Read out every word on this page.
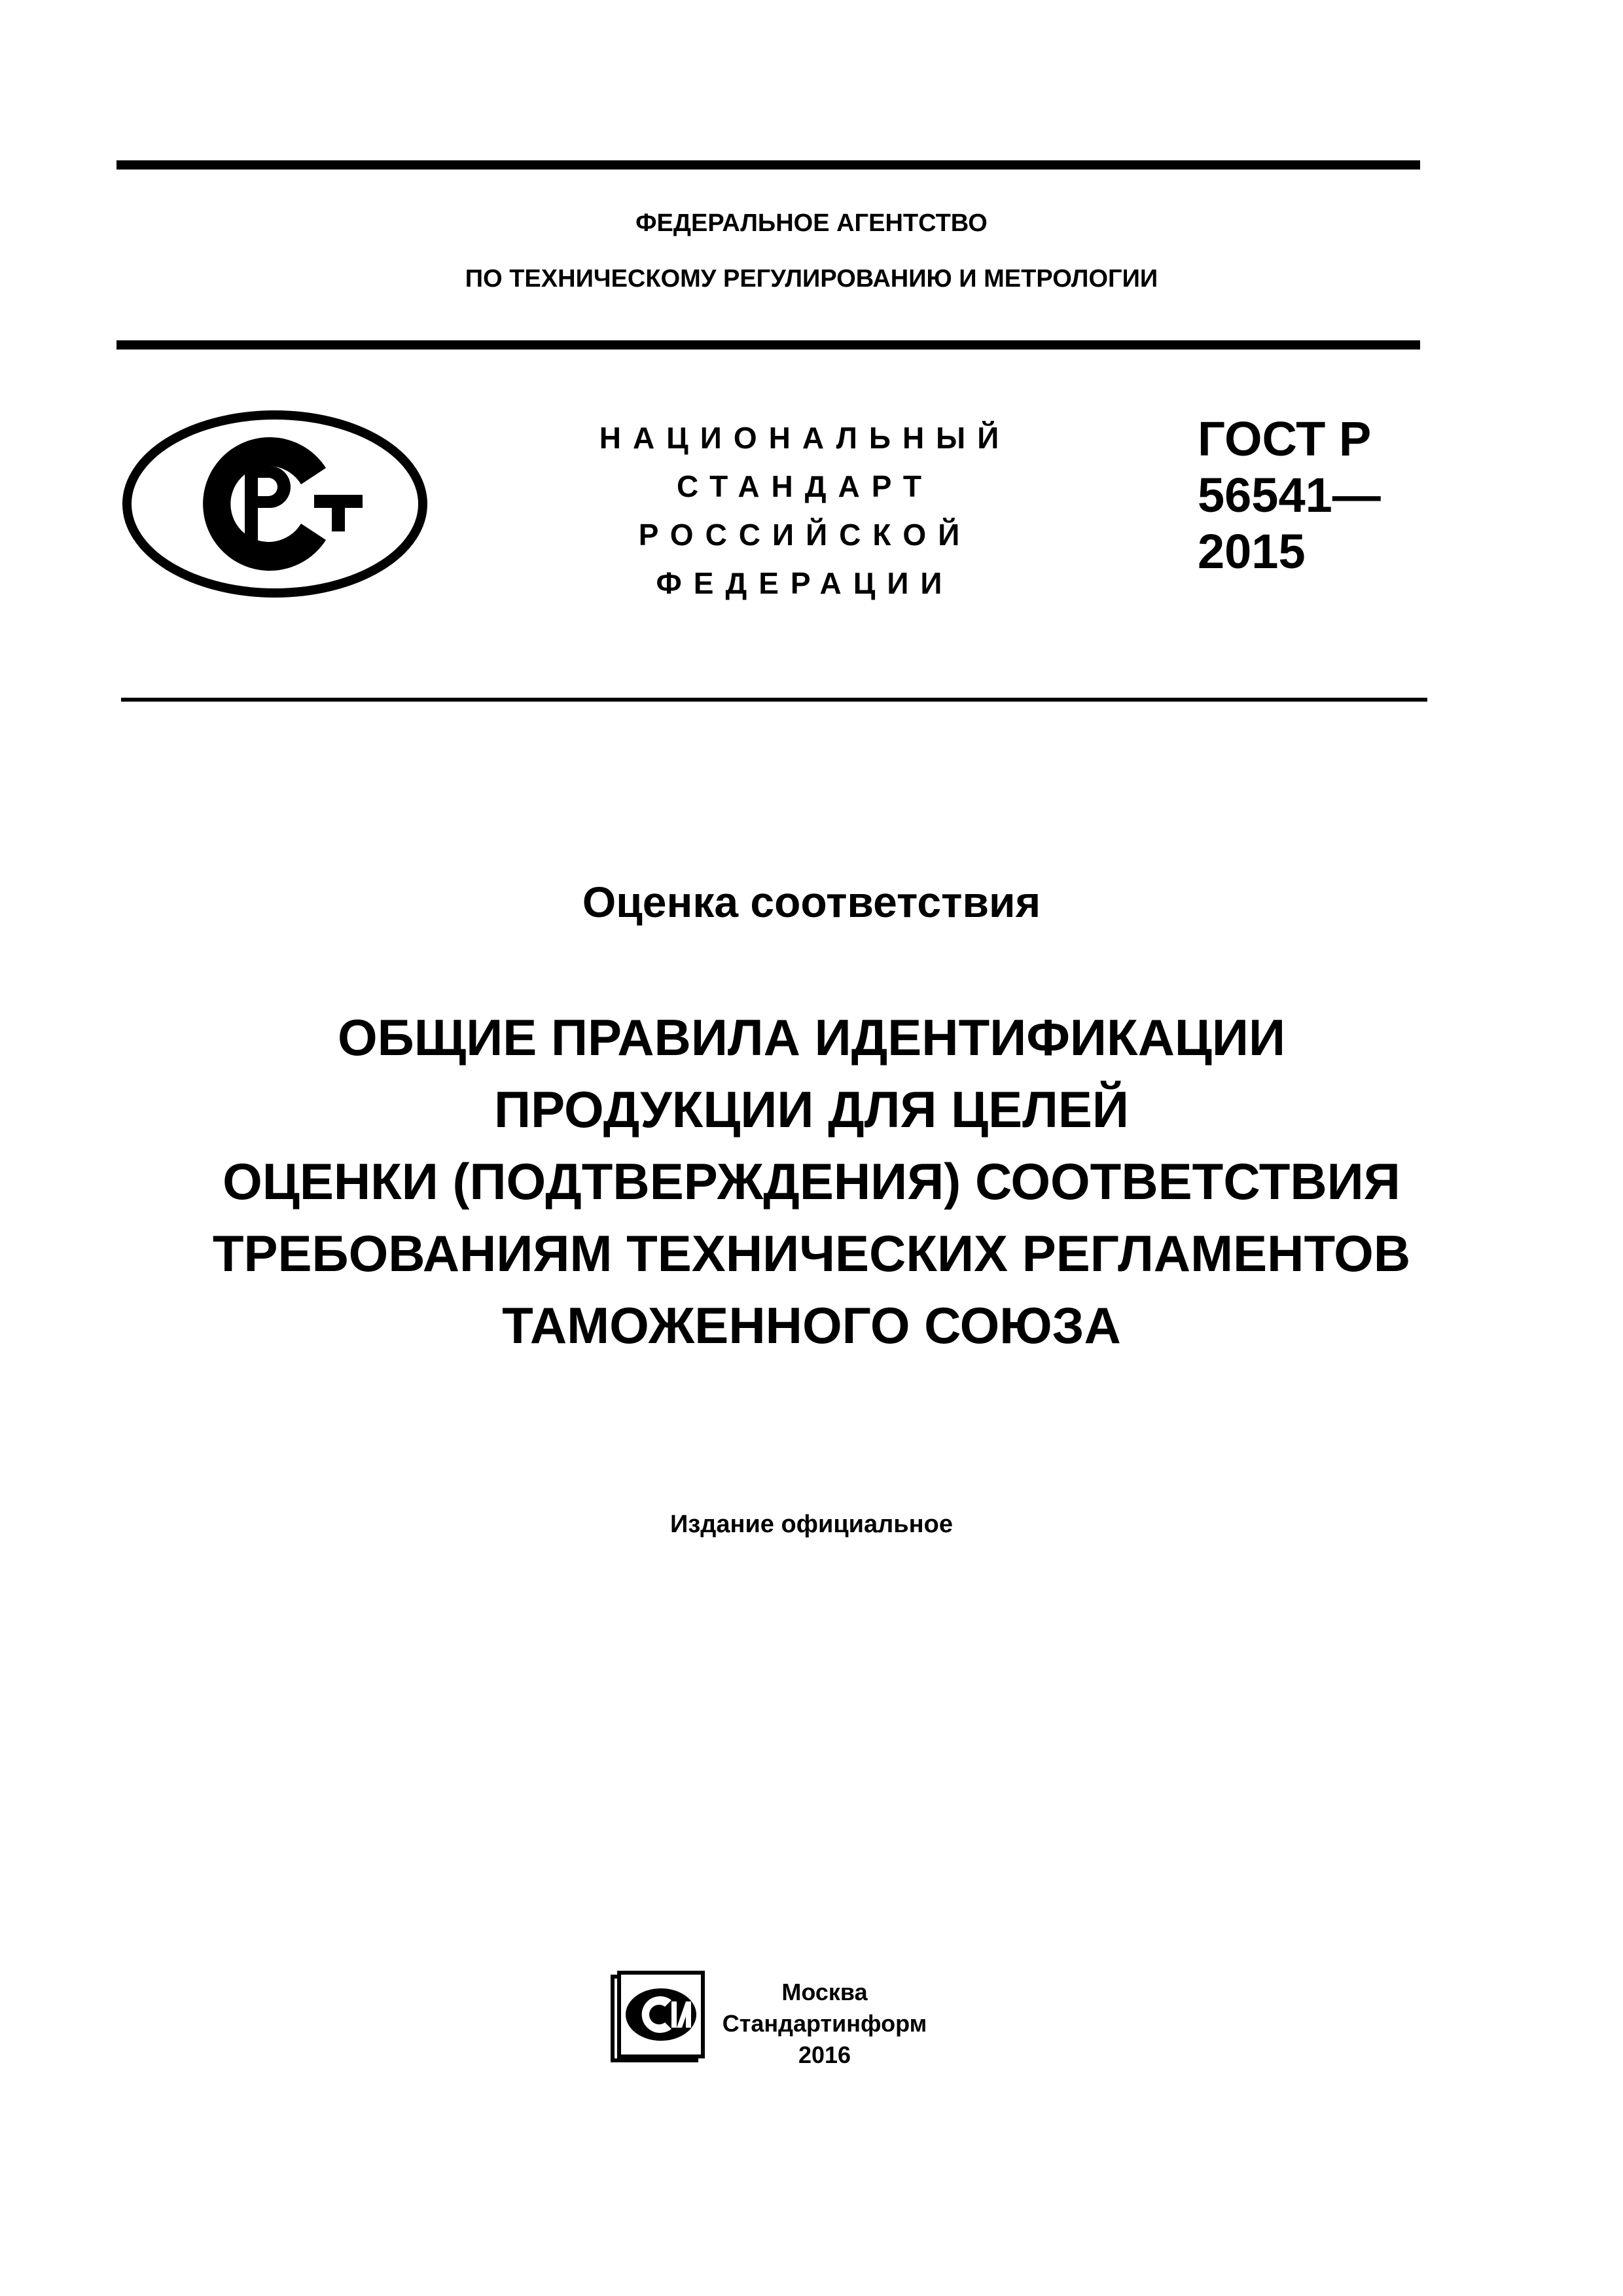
ФЕДЕРАЛЬНОЕ АГЕНТСТВО
ПО ТЕХНИЧЕСКОМУ РЕГУЛИРОВАНИЮ И МЕТРОЛОГИИ
НАЦИОНАЛЬНЫЙ
СТАНДАРТ
РОССИЙСКОЙ
ФЕДЕРАЦИИ
ГОСТ Р
56541—
2015
Оценка соответствия
ОБЩИЕ ПРАВИЛА ИДЕНТИФИКАЦИИ
ПРОДУКЦИИ ДЛЯ ЦЕЛЕЙ
ОЦЕНКИ (ПОДТВЕРЖДЕНИЯ) СООТВЕТСТВИЯ
ТРЕБОВАНИЯМ ТЕХНИЧЕСКИХ РЕГЛАМЕНТОВ
ТАМОЖЕННОГО СОЮЗА
Издание официальное
Москва
Стандартинформ
2016
